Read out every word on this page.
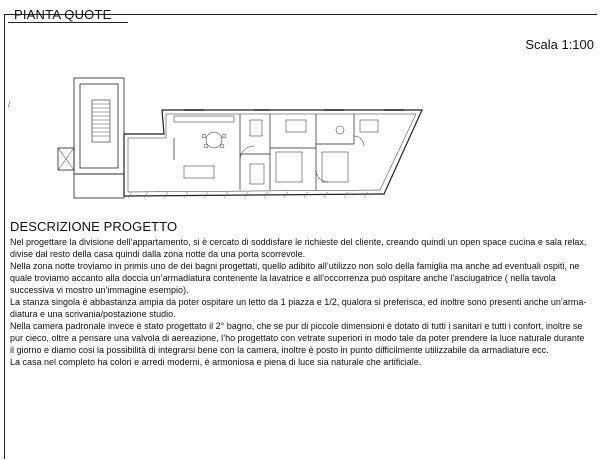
PIANTA QUOTE
Scala 1:100
/
DESCRIZIONE PROGETTO

Nel progettare la divisione dell’appartamento, si è cercato di soddisfare le richieste del cliente, creando quindi un open space cucina e sala relax,

divise dal resto della casa quindi dalla zona notte da una porta scorrevole.

Nella zona notte troviamo in primis uno de dei bagni progettati, quello adibito all’utilizzo non solo della famiglia ma anche ad eventuali ospiti, ne

quale troviamo accanto alla doccia un’armadiatura contenente la lavatrice e all’occorrenza può ospitare anche l’asciugatrice ( nella tavola

successiva vi mostro un’immagine esempio).

La stanza singola è abbastanza ampia da poter ospitare un letto da 1 piazza e 1/2, qualora si preferisca, ed inoltre sono presenti anche un’arma-

diatura e una scrivania/postazione studio.

Nella camera padronale invece è stato progettato il 2° bagno, che se pur di piccole dimensioni è dotato di tutti i sanitari e tutti i confort, inoltre se

pur cieco, oltre a pensare una valvola di aereazione, l’ho progettato con vetrate superiori in modo tale da poter prendere la luce naturale durante

il giorno e diamo cosi la possibilità di integrarsi bene con la camera, inoltre è posto in punto difficilmente utilizzabile da armadiature ecc.

La casa nel completo ha colori e arredi moderni, è armoniosa e piena di luce sia naturale che artificiale.
